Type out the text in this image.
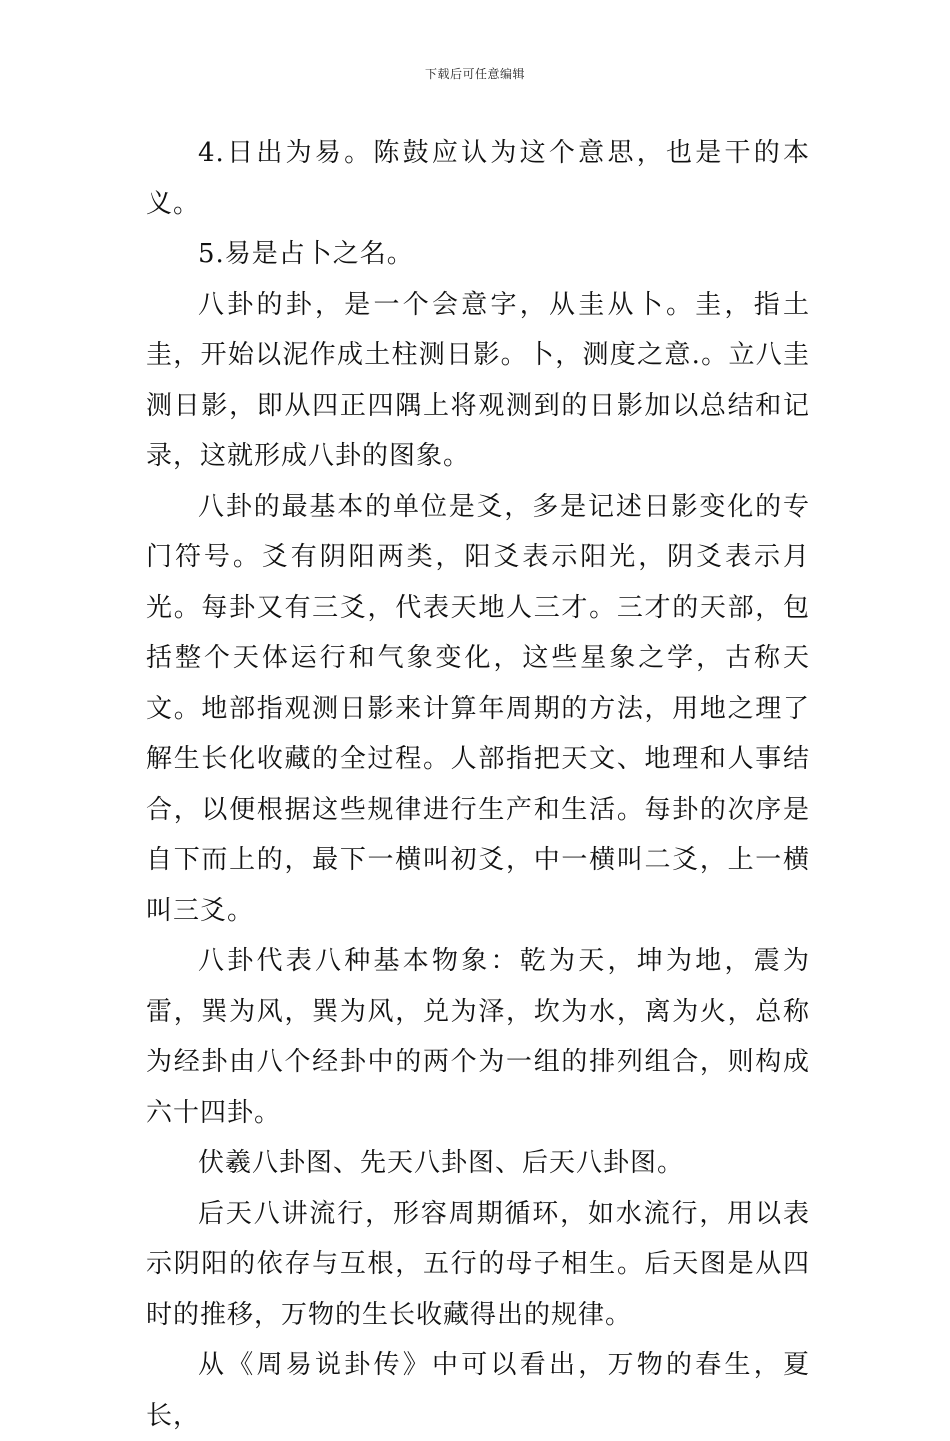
下载后可任意编辑

4.日出为易。陈鼓应认为这个意思，也是干的本义。

5.易是占卜之名。

八卦的卦，是一个会意字，从圭从卜。圭，指土圭，开始以泥作成土柱测日影。卜，测度之意.。立八圭测日影，即从四正四隅上将观测到的日影加以总结和记录，这就形成八卦的图象。

八卦的最基本的单位是爻，多是记述日影变化的专门符号。爻有阴阳两类，阳爻表示阳光，阴爻表示月光。每卦又有三爻，代表天地人三才。三才的天部，包括整个天体运行和气象变化，这些星象之学，古称天文。地部指观测日影来计算年周期的方法，用地之理了解生长化收藏的全过程。人部指把天文、地理和人事结合，以便根据这些规律进行生产和生活。每卦的次序是自下而上的，最下一横叫初爻，中一横叫二爻，上一横叫三爻。

八卦代表八种基本物象：乾为天，坤为地，震为雷，巽为风，巽为风，兑为泽，坎为水，离为火，总称为经卦由八个经卦中的两个为一组的排列组合，则构成六十四卦。

伏羲八卦图、先天八卦图、后天八卦图。

后天八讲流行，形容周期循环，如水流行，用以表示阴阳的依存与互根，五行的母子相生。后天图是从四时的推移，万物的生长收藏得出的规律。

从《周易说卦传》中可以看出，万物的春生，夏长，
